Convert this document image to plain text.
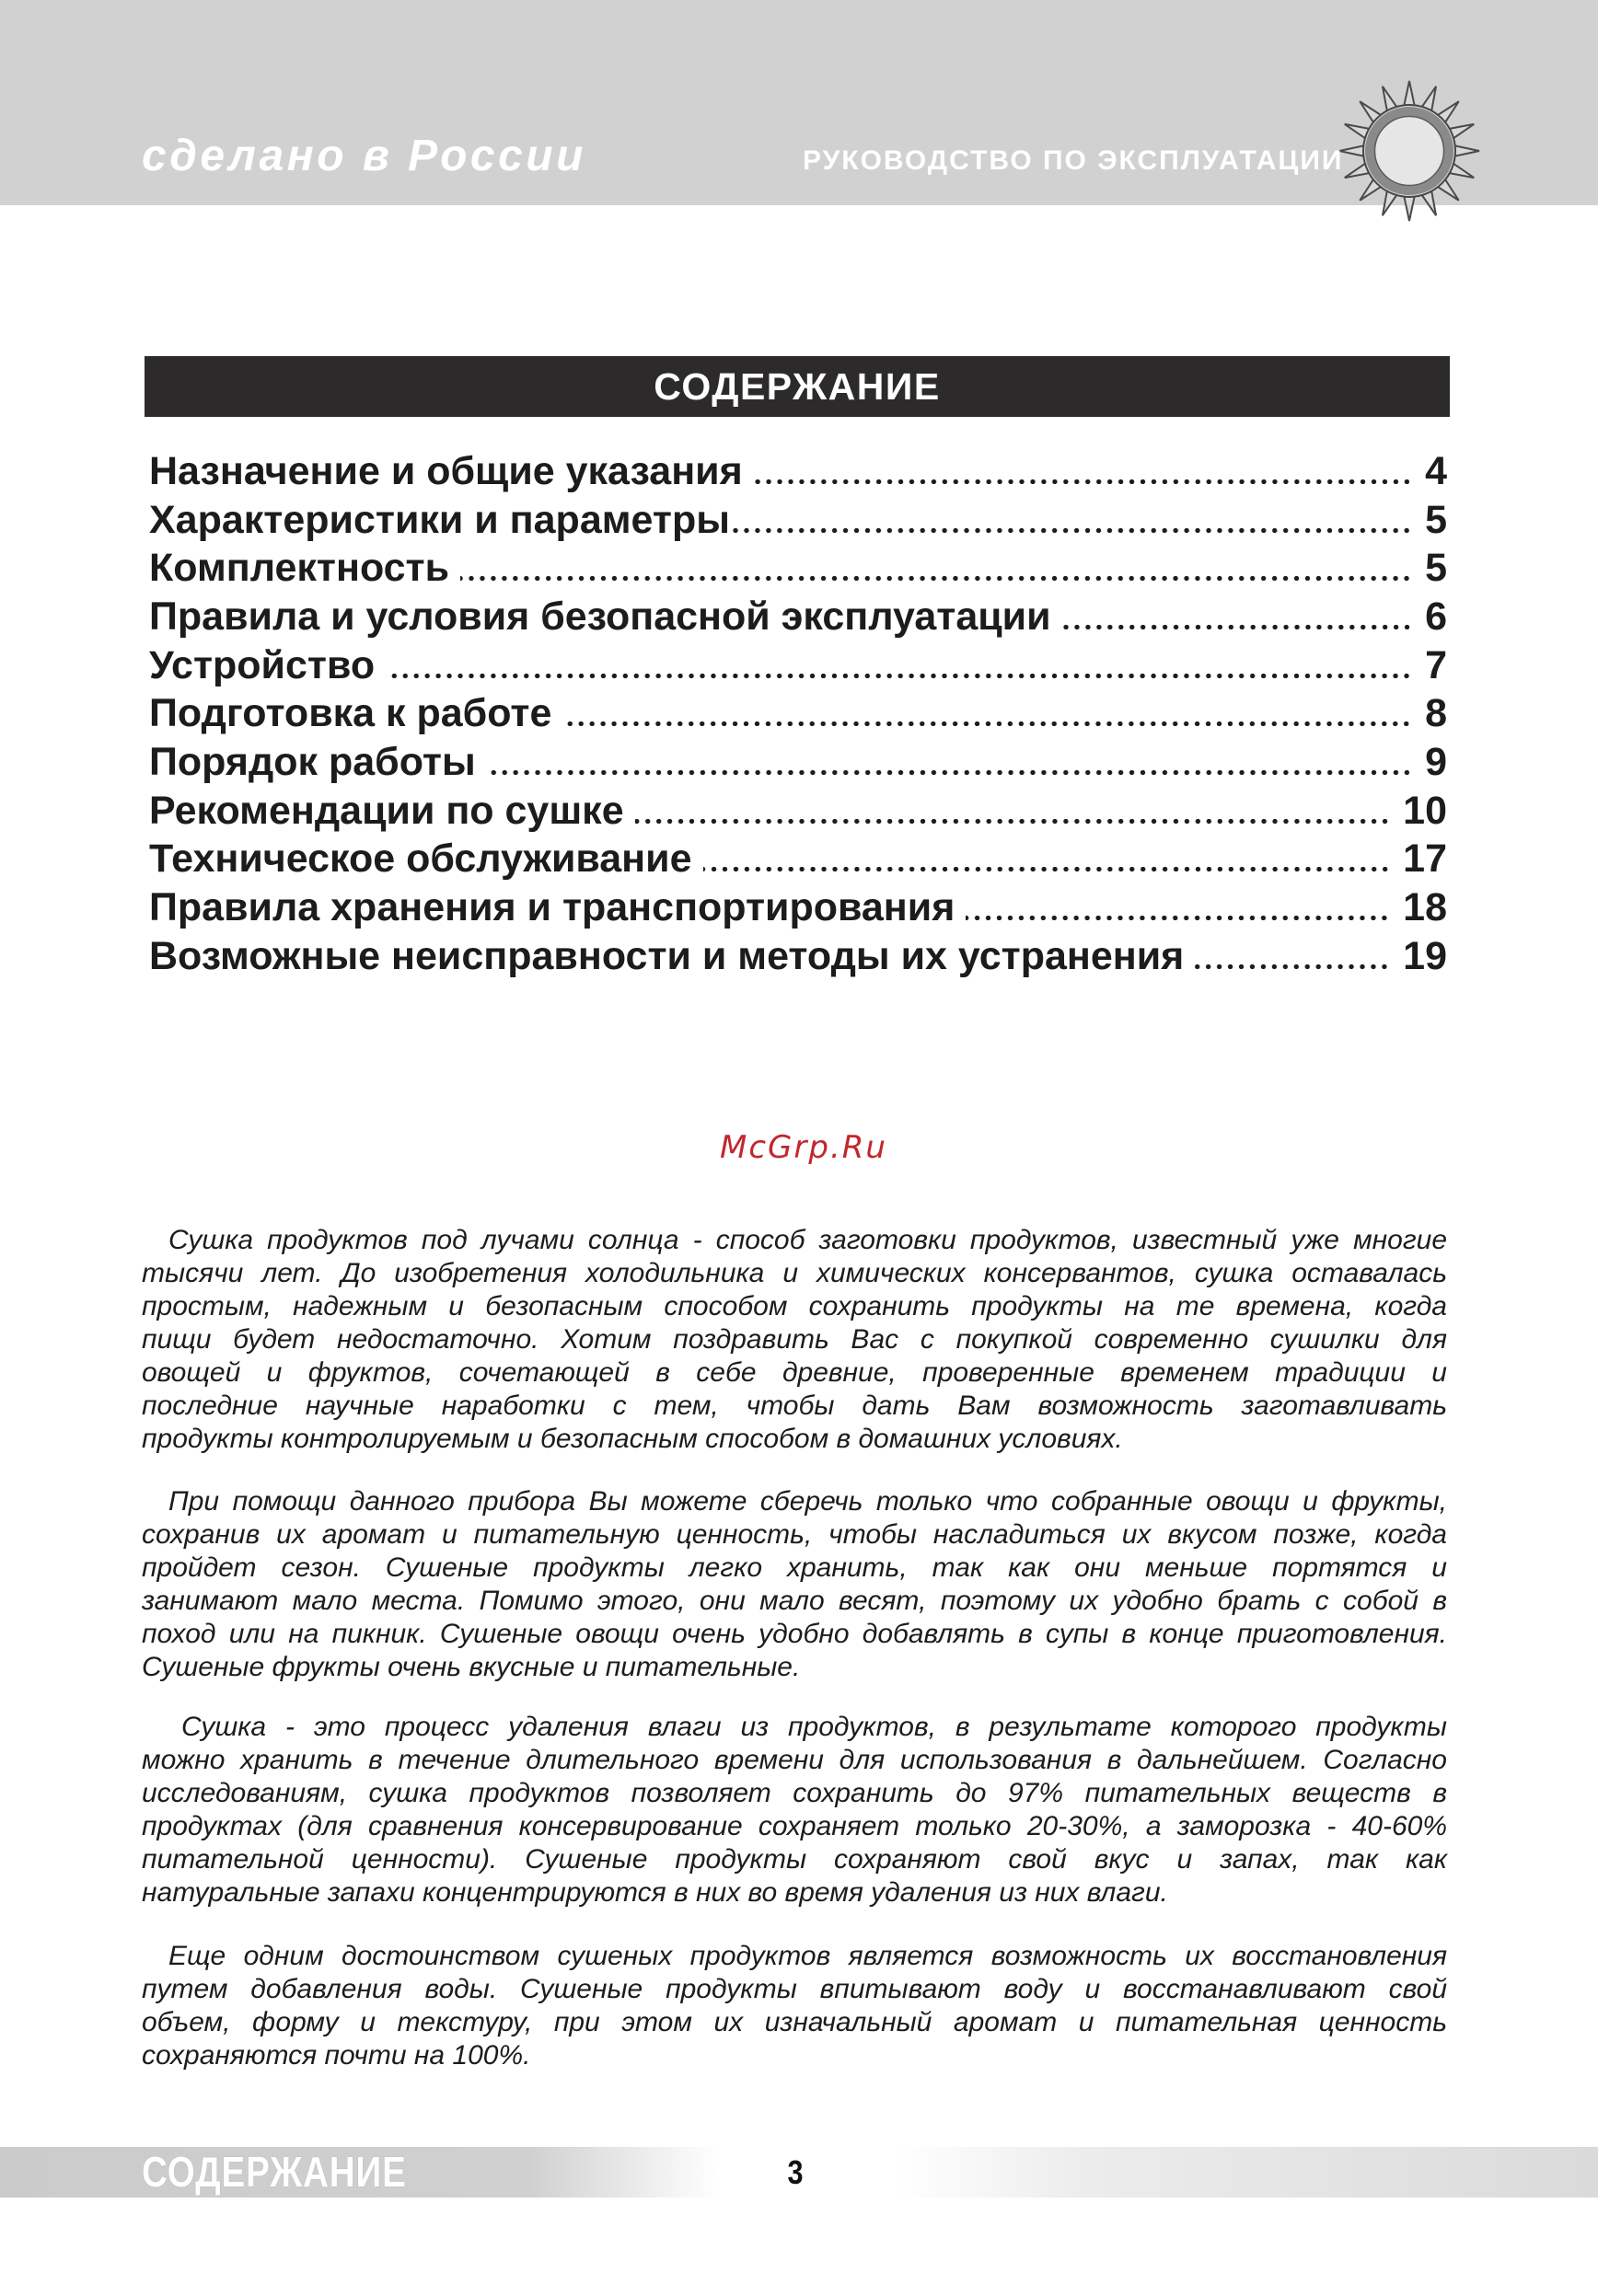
сделано в России	РУКОВОДСТВО ПО ЭКСПЛУАТАЦИИ
СОДЕРЖАНИЕ
Назначение и общие указания	4
Характеристики и параметры	5
Комплектность	5
Правила и условия безопасной эксплуатации	6
Устройство	7
Подготовка к работе	8
Порядок работы	9
Рекомендации по сушке	10
Техническое обслуживание	17
Правила хранения и транспортирования	18
Возможные неисправности и методы их устранения	19
McGrp.Ru
Сушка продуктов под лучами солнца - способ заготовки продуктов, известный уже многие
тысячи лет. До изобретения холодильника и химических консервантов, сушка оставалась
простым, надежным и безопасным способом сохранить продукты на те времена, когда
пищи будет недостаточно. Хотим поздравить Вас с покупкой современно сушилки для
овощей и фруктов, сочетающей в себе древние, проверенные временем традиции и
последние научные наработки с тем, чтобы дать Вам возможность заготавливать
продукты контролируемым и безопасным способом в домашних условиях.
При помощи данного прибора Вы можете сберечь только что собранные овощи и фрукты,
сохранив их аромат и питательную ценность, чтобы насладиться их вкусом позже, когда
пройдет сезон. Сушеные продукты легко хранить, так как они меньше портятся и
занимают мало места. Помимо этого, они мало весят, поэтому их удобно брать с собой в
поход или на пикник. Сушеные овощи очень удобно добавлять в супы в конце приготовления.
Сушеные фрукты очень вкусные и питательные.
Сушка - это процесс удаления влаги из продуктов, в результате которого продукты
можно хранить в течение длительного времени для использования в дальнейшем. Согласно
исследованиям, сушка продуктов позволяет сохранить до 97% питательных веществ в
продуктах (для сравнения консервирование сохраняет только 20-30%, а заморозка - 40-60%
питательной ценности). Сушеные продукты сохраняют свой вкус и запах, так как
натуральные запахи концентрируются в них во время удаления из них влаги.
Еще одним достоинством сушеных продуктов является возможность их восстановления
путем добавления воды. Сушеные продукты впитывают воду и восстанавливают свой
объем, форму и текстуру, при этом их изначальный аромат и питательная ценность
сохраняются почти на 100%.
СОДЕРЖАНИЕ	3
